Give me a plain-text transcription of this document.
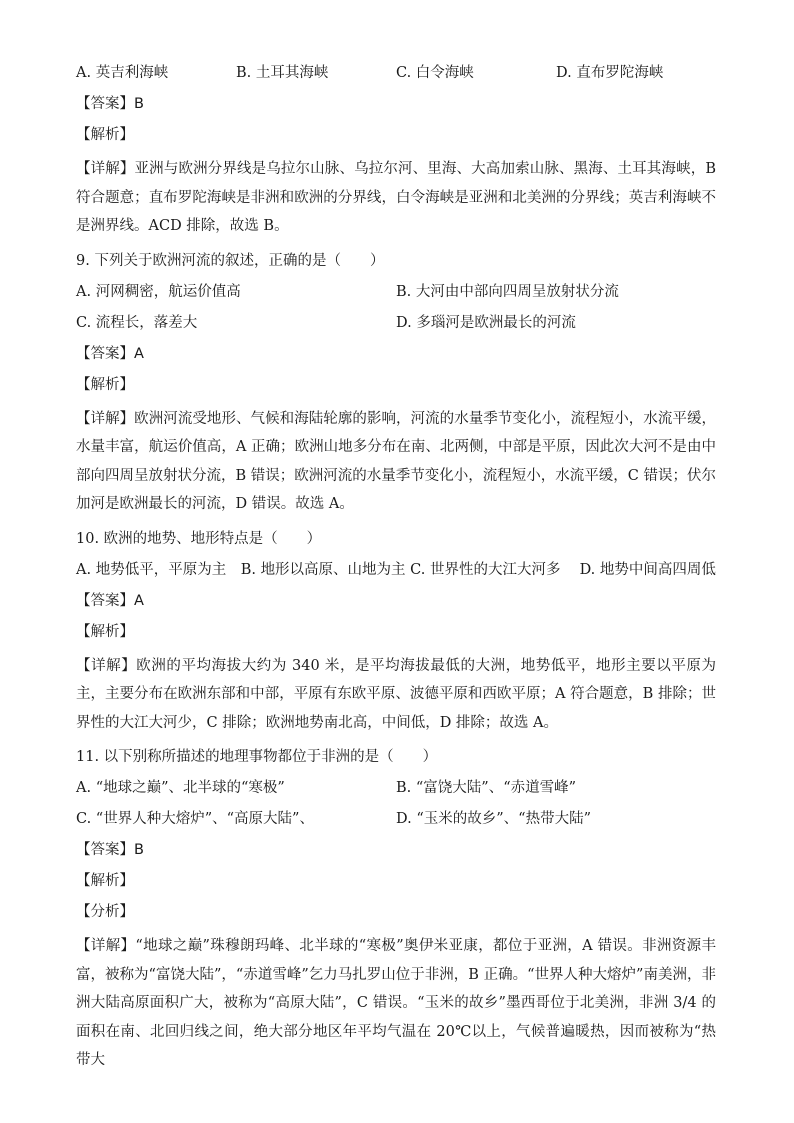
A. 英吉利海峡	B. 土耳其海峡	C. 白令海峡	D. 直布罗陀海峡
【答案】B
【解析】
【详解】亚洲与欧洲分界线是乌拉尔山脉、乌拉尔河、里海、大高加索山脉、黑海、土耳其海峡，B 符合题意；直布罗陀海峡是非洲和欧洲的分界线，白令海峡是亚洲和北美洲的分界线；英吉利海峡不是洲界线。ACD 排除，故选 B。
9. 下列关于欧洲河流的叙述，正确的是（　　）
A. 河网稠密，航运价值高	B. 大河由中部向四周呈放射状分流
C. 流程长，落差大	D. 多瑙河是欧洲最长的河流
【答案】A
【解析】
【详解】欧洲河流受地形、气候和海陆轮廓的影响，河流的水量季节变化小，流程短小，水流平缓，水量丰富，航运价值高，A 正确；欧洲山地多分布在南、北两侧，中部是平原，因此次大河不是由中部向四周呈放射状分流，B 错误；欧洲河流的水量季节变化小，流程短小，水流平缓，C 错误；伏尔加河是欧洲最长的河流，D 错误。故选 A。
10. 欧洲的地势、地形特点是（　　）
A. 地势低平，平原为主　B. 地形以高原、山地为主 C. 世界性的大江大河多　 D. 地势中间高四周低
【答案】A
【解析】
【详解】欧洲的平均海拔大约为 340 米，是平均海拔最低的大洲，地势低平，地形主要以平原为主，主要分布在欧洲东部和中部，平原有东欧平原、波德平原和西欧平原；A 符合题意，B 排除；世界性的大江大河少，C 排除；欧洲地势南北高，中间低，D 排除；故选 A。
11. 以下别称所描述的地理事物都位于非洲的是（　　）
A. “地球之巅”、北半球的“寒极”	B. “富饶大陆”、“赤道雪峰”
C. “世界人种大熔炉”、“高原大陆”、	D. “玉米的故乡”、“热带大陆”
【答案】B
【解析】
【分析】
【详解】“地球之巅”珠穆朗玛峰、北半球的“寒极”奥伊米亚康，都位于亚洲，A 错误。非洲资源丰富，被称为“富饶大陆”，“赤道雪峰”乞力马扎罗山位于非洲，B 正确。“世界人种大熔炉”南美洲，非洲大陆高原面积广大，被称为“高原大陆”，C 错误。“玉米的故乡”墨西哥位于北美洲，非洲 3/4 的面积在南、北回归线之间，绝大部分地区年平均气温在 20℃以上，气候普遍暖热，因而被称为“热带大
